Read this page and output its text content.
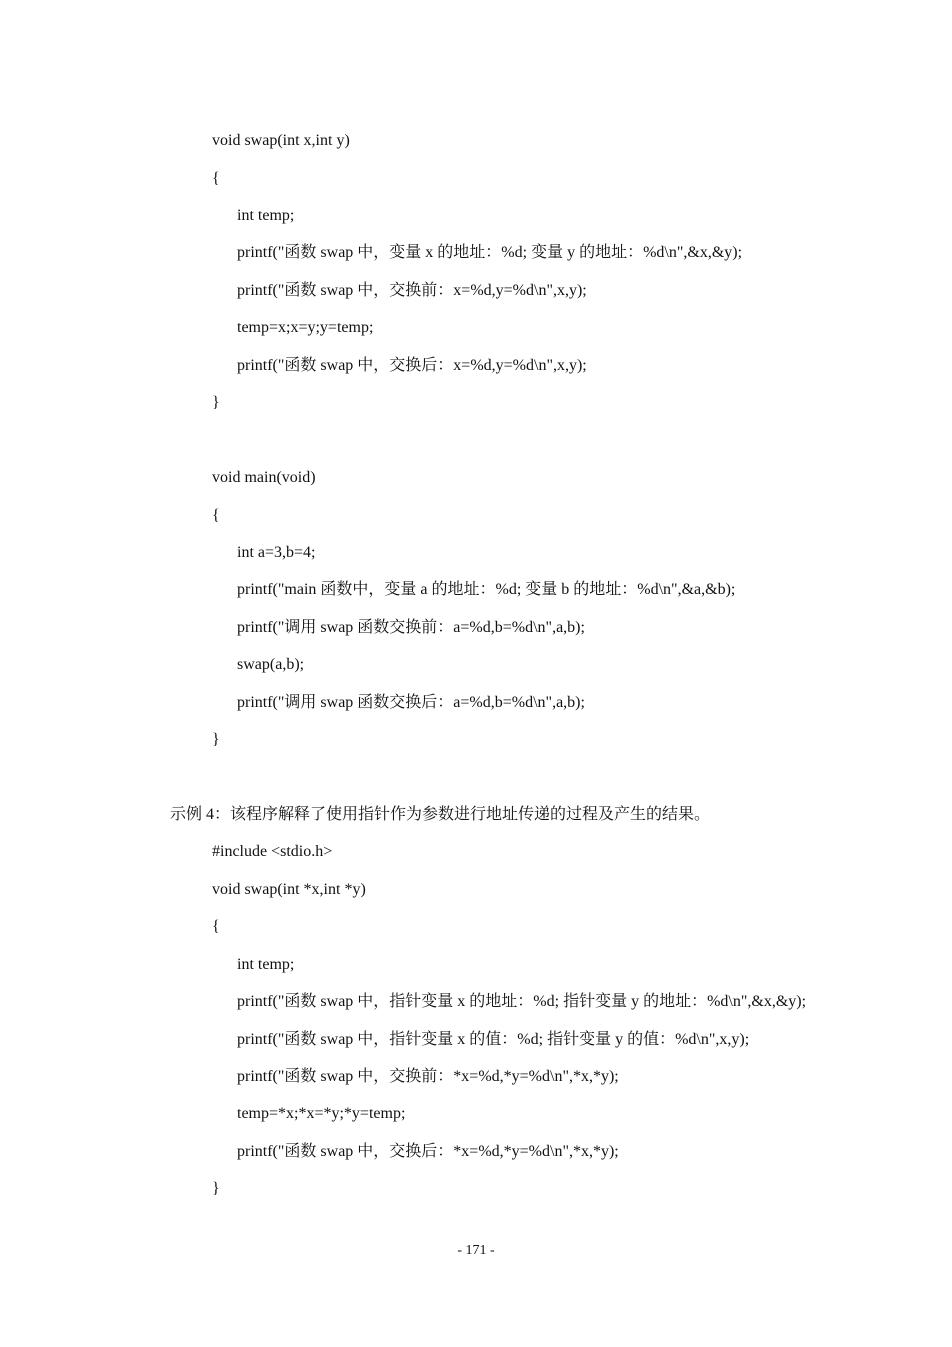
void swap(int x,int y)
{
int temp;
printf("函数 swap 中，变量 x 的地址：%d; 变量 y 的地址：%d\n",&x,&y);
printf("函数 swap 中，交换前：x=%d,y=%d\n",x,y);
temp=x;x=y;y=temp;
printf("函数 swap 中，交换后：x=%d,y=%d\n",x,y);
}
void main(void)
{
int a=3,b=4;
printf("main 函数中，变量 a 的地址：%d; 变量 b 的地址：%d\n",&a,&b);
printf("调用 swap 函数交换前：a=%d,b=%d\n",a,b);
swap(a,b);
printf("调用 swap 函数交换后：a=%d,b=%d\n",a,b);
}
示例 4：该程序解释了使用指针作为参数进行地址传递的过程及产生的结果。
#include <stdio.h>
void swap(int *x,int *y)
{
int temp;
printf("函数 swap 中，指针变量 x 的地址：%d; 指针变量 y 的地址：%d\n",&x,&y);
printf("函数 swap 中，指针变量 x 的值：%d; 指针变量 y 的值：%d\n",x,y);
printf("函数 swap 中，交换前：*x=%d,*y=%d\n",*x,*y);
temp=*x;*x=*y;*y=temp;
printf("函数 swap 中，交换后：*x=%d,*y=%d\n",*x,*y);
}
- 171 -
